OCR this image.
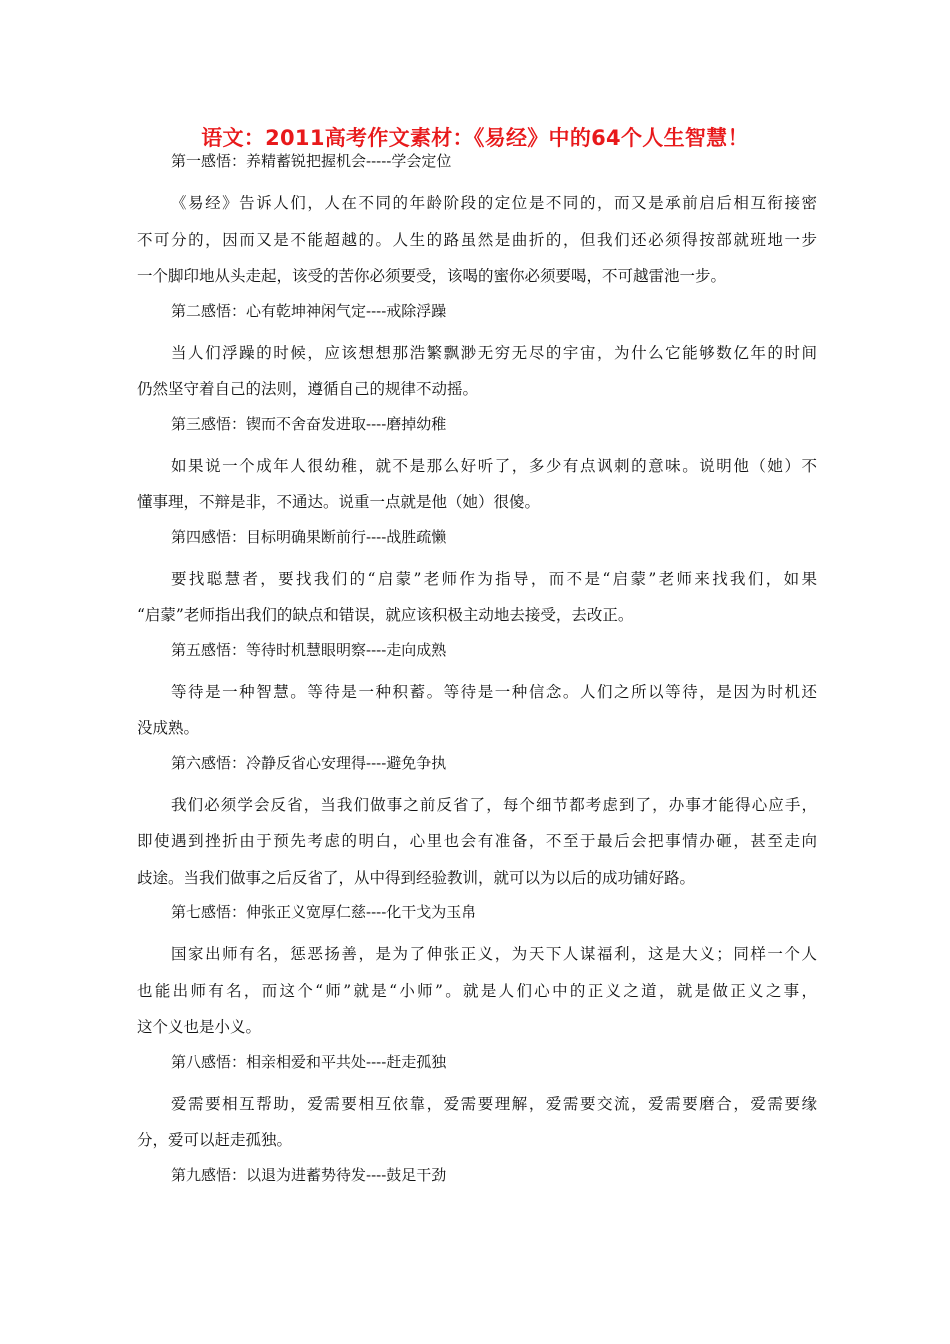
语文：2011高考作文素材：《易经》中的64个人生智慧！

第一感悟：养精蓄锐把握机会-----学会定位

《易经》告诉人们，人在不同的年龄阶段的定位是不同的，而又是承前启后相互衔接密
不可分的，因而又是不能超越的。人生的路虽然是曲折的，但我们还必须得按部就班地一步
一个脚印地从头走起，该受的苦你必须要受，该喝的蜜你必须要喝，不可越雷池一步。

第二感悟：心有乾坤神闲气定----戒除浮躁

当人们浮躁的时候，应该想想那浩繁飘渺无穷无尽的宇宙，为什么它能够数亿年的时间
仍然坚守着自己的法则，遵循自己的规律不动摇。

第三感悟：锲而不舍奋发进取----磨掉幼稚

如果说一个成年人很幼稚，就不是那么好听了，多少有点讽刺的意味。说明他（她）不
懂事理，不辩是非，不通达。说重一点就是他（她）很傻。

第四感悟：目标明确果断前行----战胜疏懒

要找聪慧者，要找我们的“启蒙”老师作为指导，而不是“启蒙”老师来找我们，如果
“启蒙”老师指出我们的缺点和错误，就应该积极主动地去接受，去改正。

第五感悟：等待时机慧眼明察----走向成熟

等待是一种智慧。等待是一种积蓄。等待是一种信念。人们之所以等待，是因为时机还
没成熟。

第六感悟：冷静反省心安理得----避免争执

我们必须学会反省，当我们做事之前反省了，每个细节都考虑到了，办事才能得心应手，
即使遇到挫折由于预先考虑的明白，心里也会有准备，不至于最后会把事情办砸，甚至走向
歧途。当我们做事之后反省了，从中得到经验教训，就可以为以后的成功铺好路。

第七感悟：伸张正义宽厚仁慈----化干戈为玉帛

国家出师有名，惩恶扬善，是为了伸张正义，为天下人谋福利，这是大义；同样一个人
也能出师有名，而这个“师”就是“小师”。就是人们心中的正义之道，就是做正义之事，
这个义也是小义。

第八感悟：相亲相爱和平共处----赶走孤独

爱需要相互帮助，爱需要相互依靠，爱需要理解，爱需要交流，爱需要磨合，爱需要缘
分，爱可以赶走孤独。

第九感悟：以退为进蓄势待发----鼓足干劲
